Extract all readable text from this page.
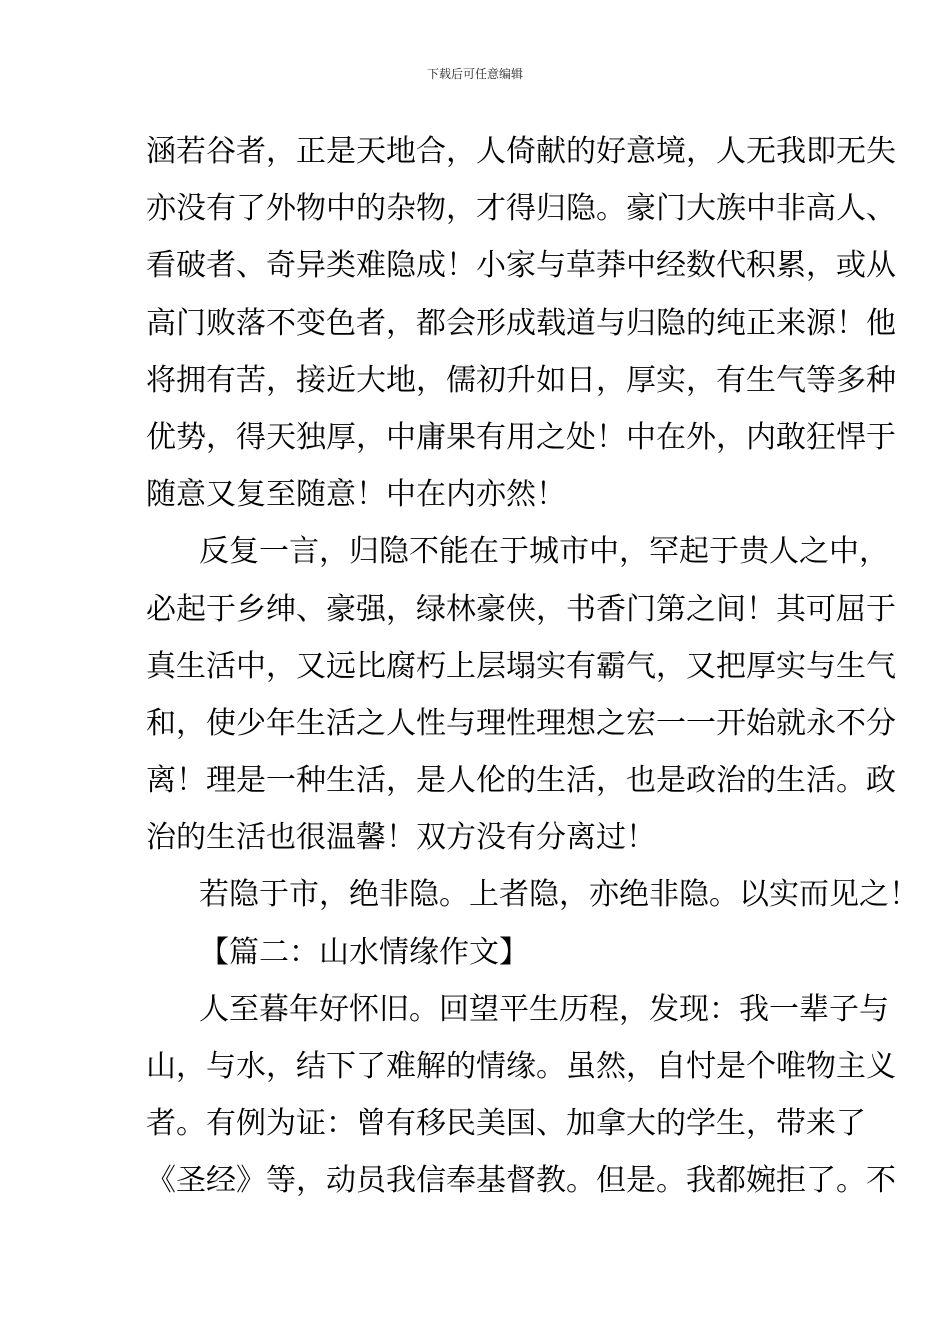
下载后可任意编辑
涵若谷者，正是天地合，人倚献的好意境，人无我即无失
亦没有了外物中的杂物，才得归隐。豪门大族中非高人、
看破者、奇异类难隐成！小家与草莽中经数代积累，或从
高门败落不变色者，都会形成载道与归隐的纯正来源！他
将拥有苦，接近大地，儒初升如日，厚实，有生气等多种
优势，得天独厚，中庸果有用之处！中在外，内敢狂悍于
随意又复至随意！中在内亦然！
反复一言，归隐不能在于城市中，罕起于贵人之中，
必起于乡绅、豪强，绿林豪侠，书香门第之间！其可屈于
真生活中，又远比腐朽上层塌实有霸气，又把厚实与生气
和，使少年生活之人性与理性理想之宏一一开始就永不分
离！理是一种生活，是人伦的生活，也是政治的生活。政
治的生活也很温馨！双方没有分离过！
若隐于市，绝非隐。上者隐，亦绝非隐。以实而见之！
【篇二：山水情缘作文】
人至暮年好怀旧。回望平生历程，发现：我一辈子与
山，与水，结下了难解的情缘。虽然，自忖是个唯物主义
者。有例为证：曾有移民美国、加拿大的学生，带来了
《圣经》等，动员我信奉基督教。但是。我都婉拒了。不
